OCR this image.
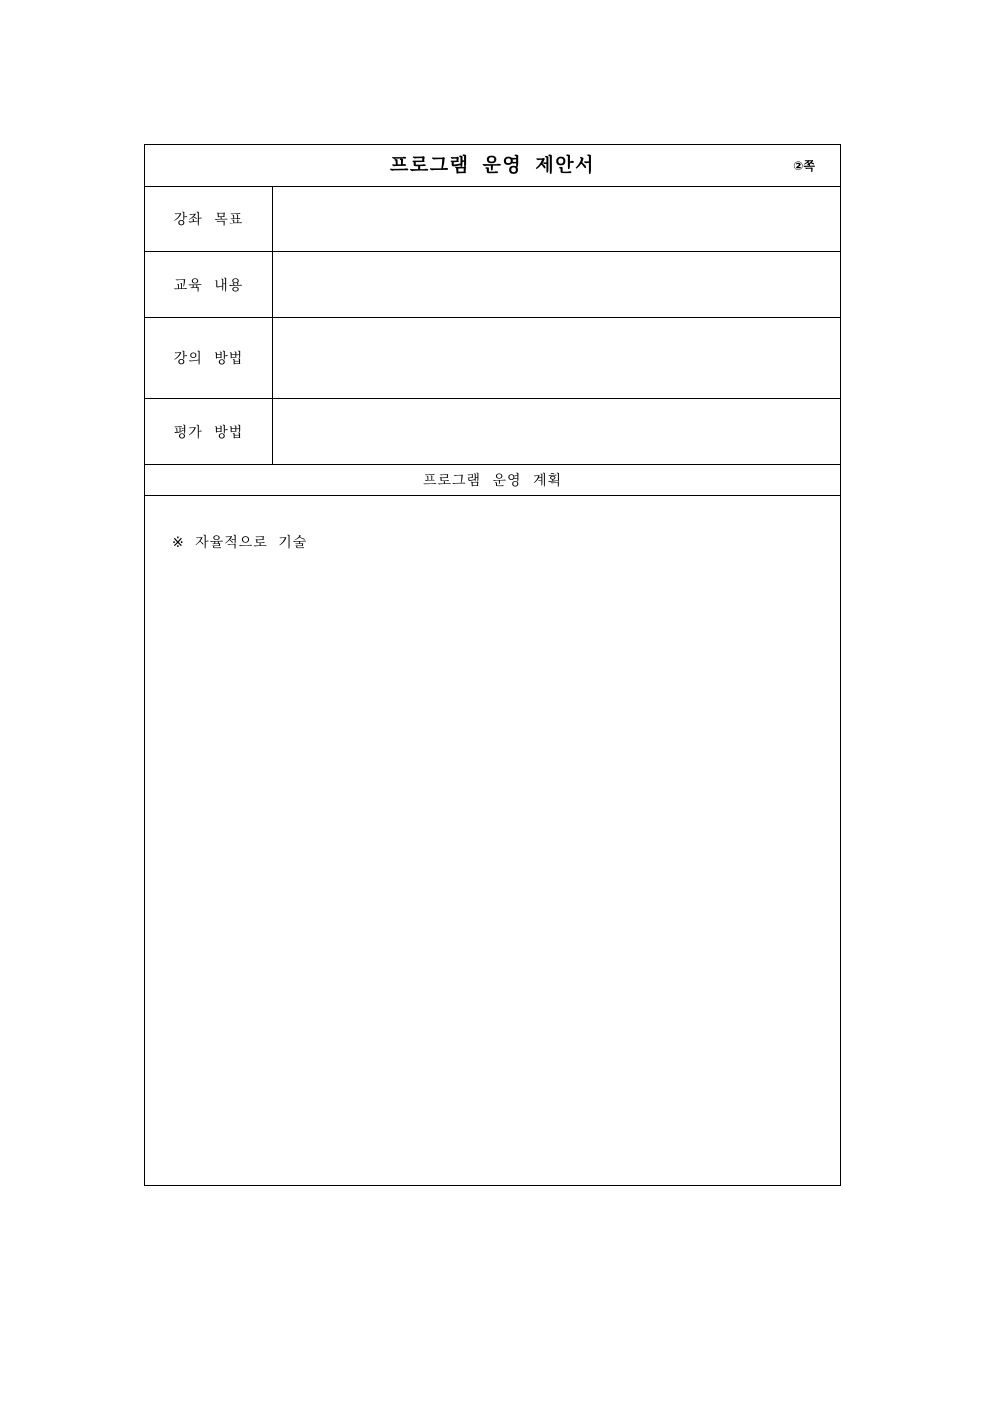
프로그램 운영 제안서	②쪽
강좌 목표
교육 내용
강의 방법
평가 방법
프로그램 운영 계획
※ 자율적으로 기술
